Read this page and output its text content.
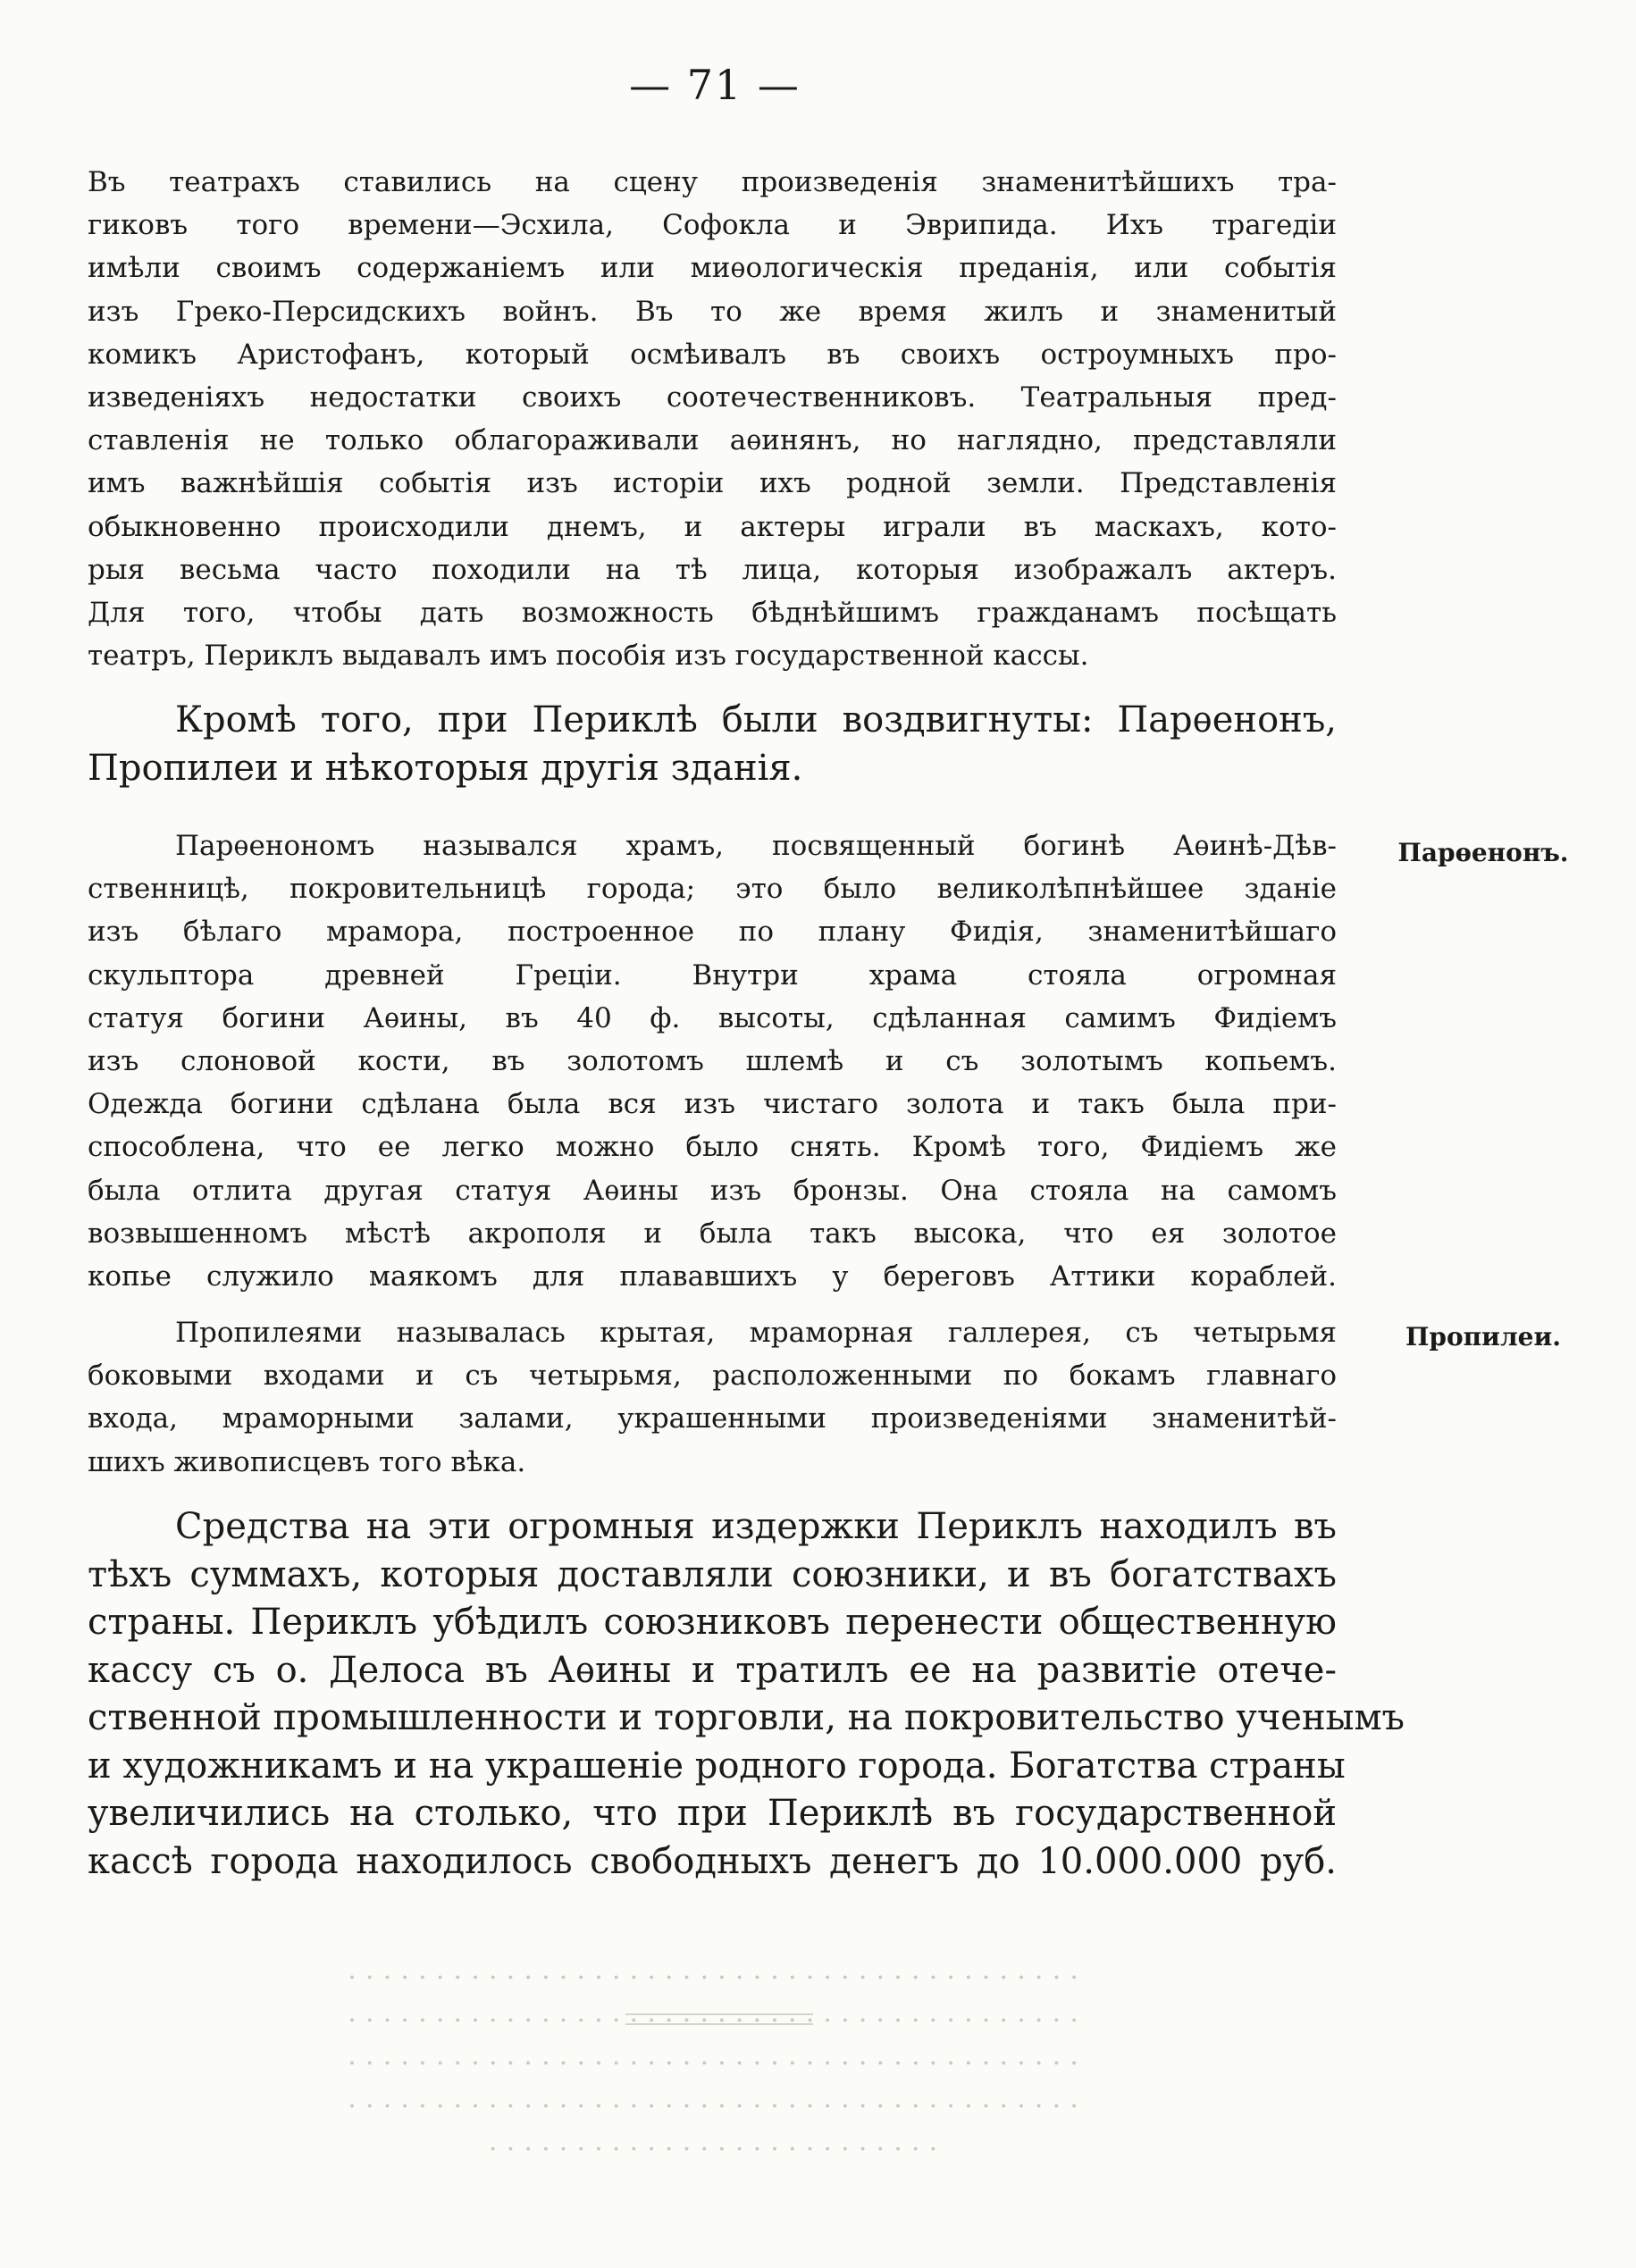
· · · · · · · · · · · · · · · · · · · · · · · · · · · · · · · · · · · · · · · · · ·
· · · · · · · · · · · · · · · · · · · · · · · · · · · · · · · · · · · · · · · · · ·
· · · · · · · · · · · · · · · · · · · · · · · · · · · · · · · · · · · · · · · · · ·
· · · · · · · · · · · · · · · · · · · · · · · · · · · · · · · · · · · · · · · · · ·
· · · · · · · · · · · · · · · · · · · · · · · · · ·
— 71 —
Въ театрахъ ставились на сцену произведенія знаменитѣйшихъ тра-
гиковъ того времени—Эсхила, Софокла и Эврипида. Ихъ трагедіи
имѣли своимъ содержаніемъ или миѳологическія преданія, или событія
изъ Греко-Персидскихъ войнъ. Въ то же время жилъ и знаменитый
комикъ Аристофанъ, который осмѣивалъ въ своихъ остроумныхъ про-
изведеніяхъ недостатки своихъ соотечественниковъ. Театральныя пред-
ставленія не только облагораживали аѳинянъ, но наглядно, представляли
имъ важнѣйшія событія изъ исторіи ихъ родной земли. Представленія
обыкновенно происходили днемъ, и актеры играли въ маскахъ, кото-
рыя весьма часто походили на тѣ лица, которыя изображалъ актеръ.
Для того, чтобы дать возможность бѣднѣйшимъ гражданамъ посѣщать
театръ, Периклъ выдавалъ имъ пособія изъ государственной кассы.
Кромѣ того, при Периклѣ были воздвигнуты: Парѳенонъ,
Пропилеи и нѣкоторыя другія зданія.
Парѳенономъ назывался храмъ, посвященный богинѣ Аѳинѣ-Дѣв-
ственницѣ, покровительницѣ города; это было великолѣпнѣйшее зданіе
изъ бѣлаго мрамора, построенное по плану Фидія, знаменитѣйшаго
скульптора древней Греціи. Внутри храма стояла огромная
статуя богини Аѳины, въ 40 ф. высоты, сдѣланная самимъ Фидіемъ
изъ слоновой кости, въ золотомъ шлемѣ и съ золотымъ копьемъ.
Одежда богини сдѣлана была вся изъ чистаго золота и такъ была при-
способлена, что ее легко можно было снять. Кромѣ того, Фидіемъ же
была отлита другая статуя Аѳины изъ бронзы. Она стояла на самомъ
возвышенномъ мѣстѣ акрополя и была такъ высока, что ея золотое
копье служило маякомъ для плававшихъ у береговъ Аттики кораблей.
Парѳенонъ.
Пропилеями называлась крытая, мраморная галлерея, съ четырьмя
боковыми входами и съ четырьмя, расположенными по бокамъ главнаго
входа, мраморными залами, украшенными произведеніями знаменитѣй-
шихъ живописцевъ того вѣка.
Пропилеи.
Средства на эти огромныя издержки Периклъ находилъ въ
тѣхъ суммахъ, которыя доставляли союзники, и въ богатствахъ
страны. Периклъ убѣдилъ союзниковъ перенести общественную
кассу съ о. Делоса въ Аѳины и тратилъ ее на развитіе отече-
ственной промышленности и торговли, на покровительство ученымъ
и художникамъ и на украшеніе родного города. Богатства страны
увеличились на столько, что при Периклѣ въ государственной
кассѣ города находилось свободныхъ денегъ до 10.000.000 руб.
